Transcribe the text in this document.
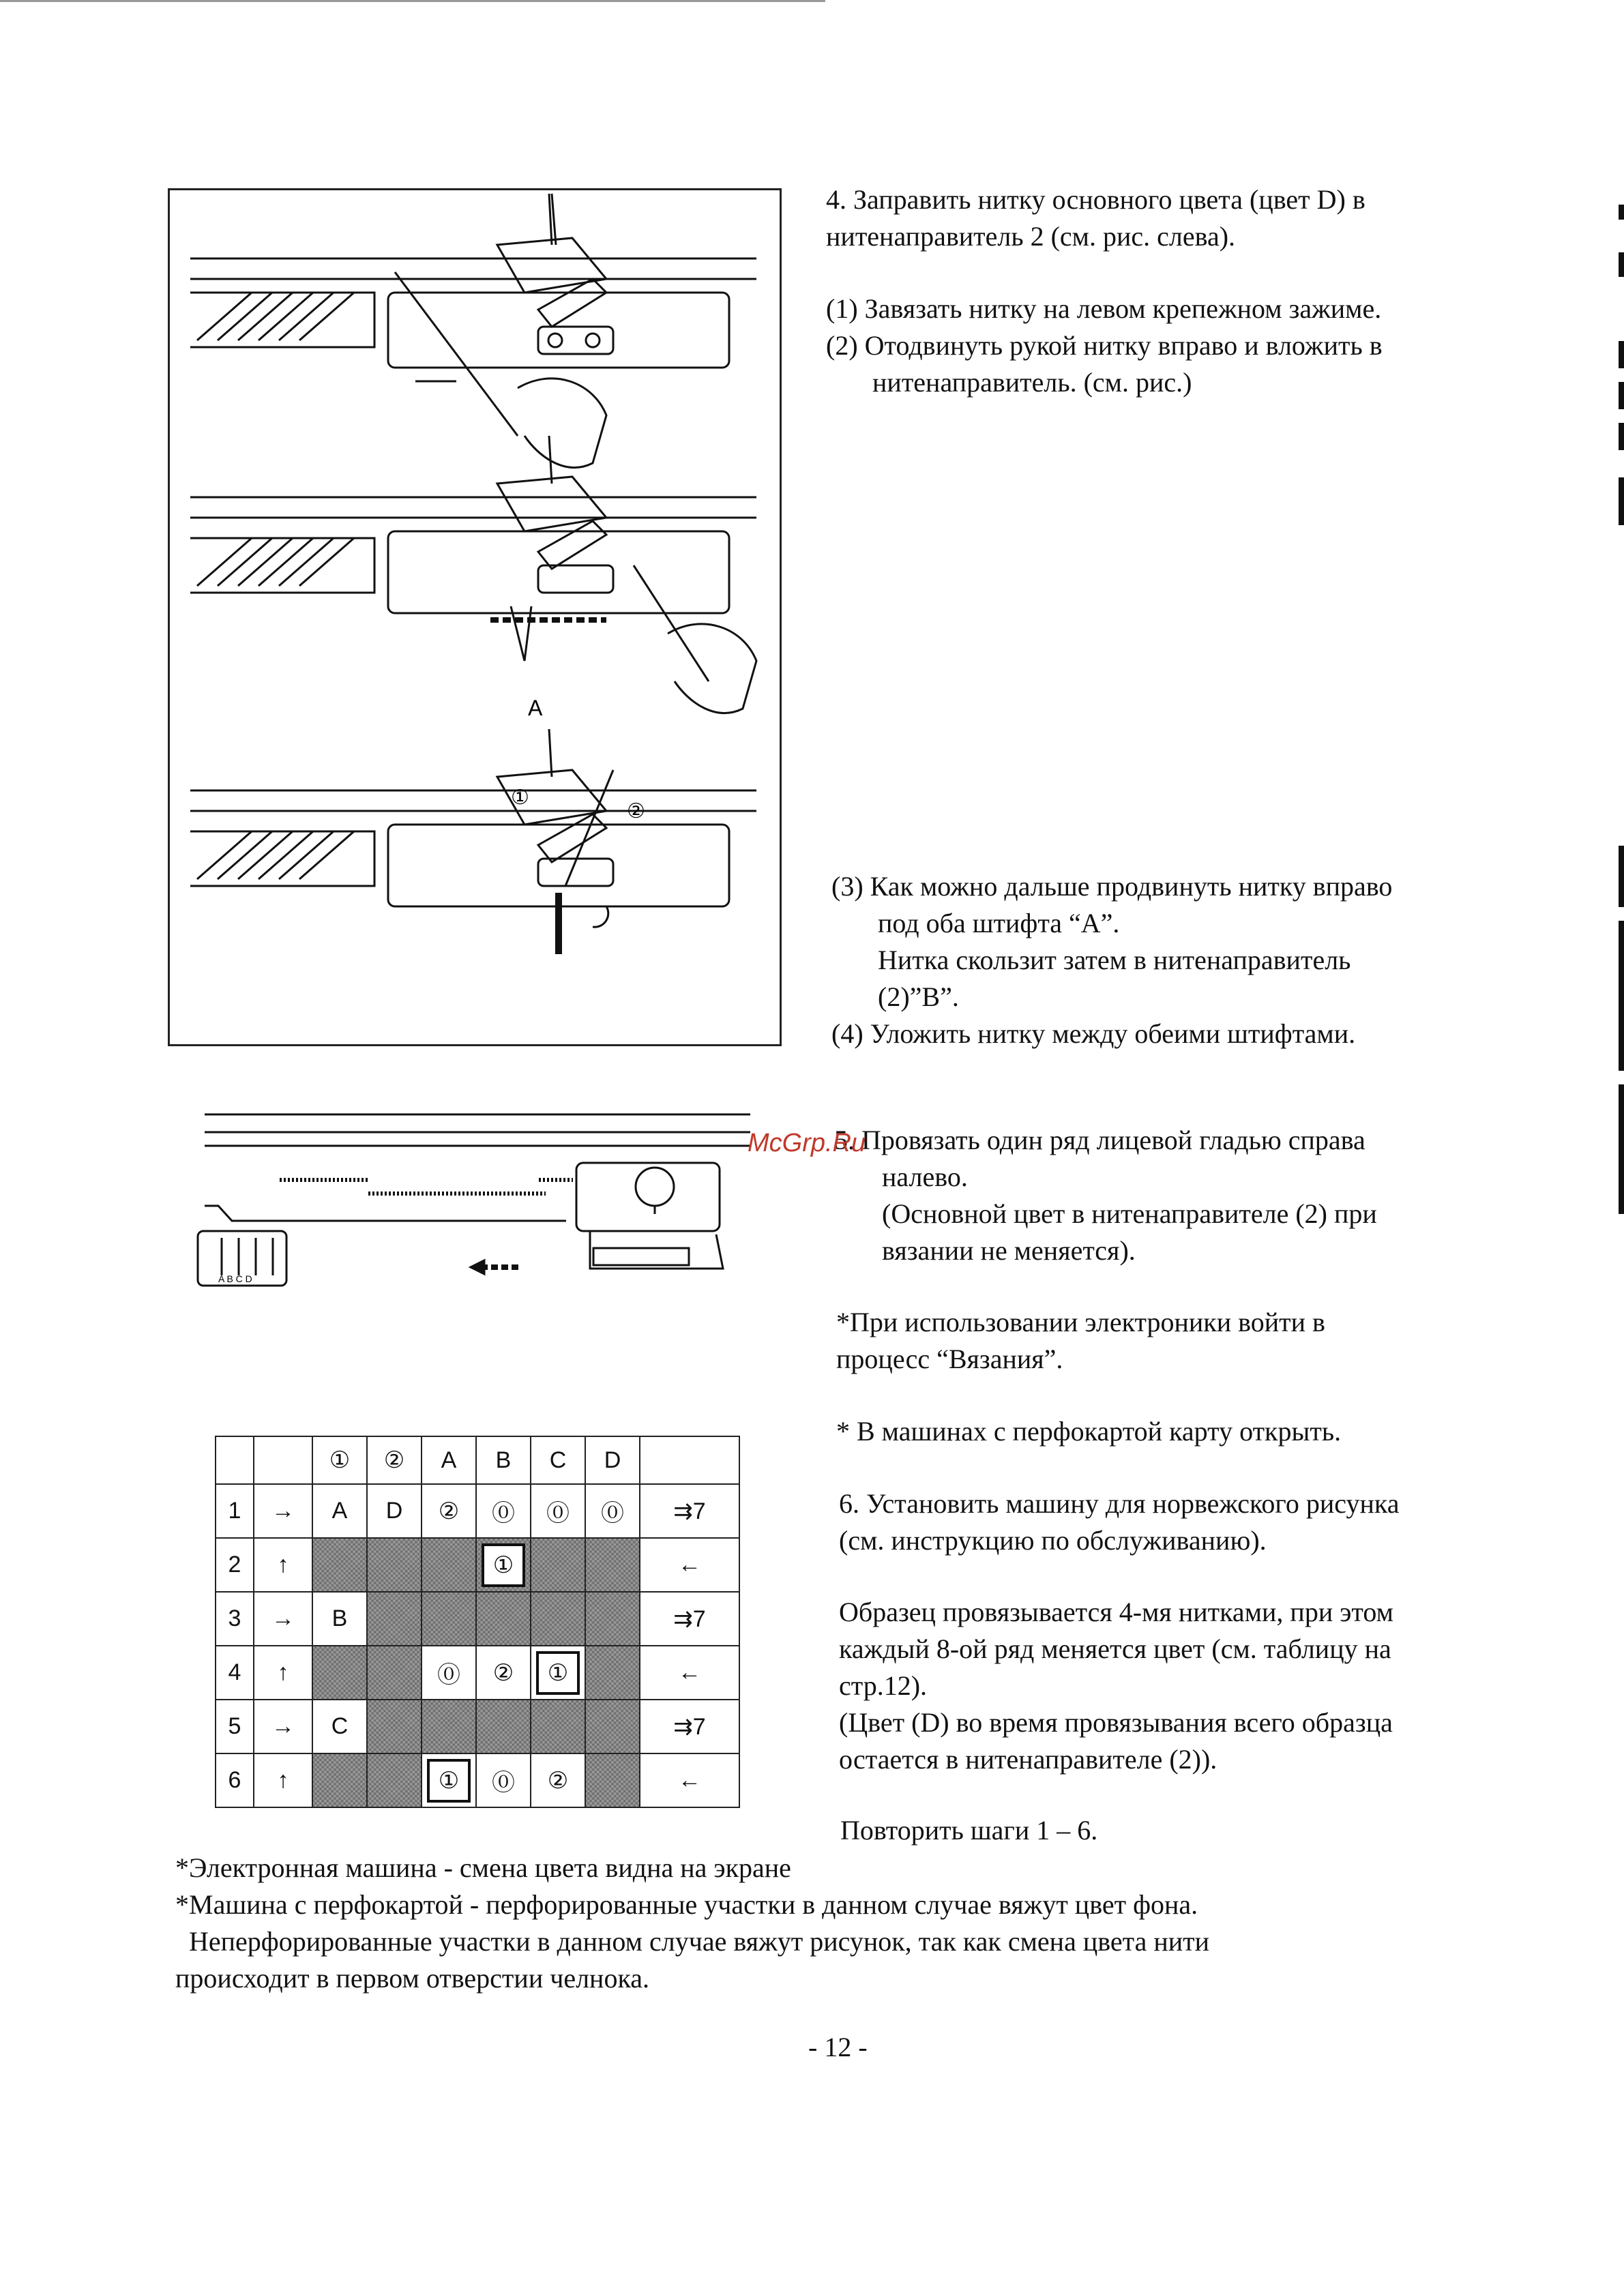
A
①
②
A B C D
4. Заправить нитку основного цвета (цвет D) в
нитенаправитель 2 (см. рис. слева).
(1) Завязать нитку на левом крепежном зажиме.
(2) Отодвинуть рукой нитку вправо и вложить в
нитенаправитель. (см. рис.)
(3) Как можно дальше продвинуть нитку вправо
под оба штифта “A”.
Нитка скользит затем в нитенаправитель
(2)”B”.
(4) Уложить нитку между обеими штифтами.
5. Провязать один ряд лицевой гладью справа
налево.
(Основной цвет в нитенаправителе (2) при
вязании не меняется).
McGrp.Ru
*При использовании электроники войти в
процесс “Вязания”.
* В машинах с перфокартой карту открыть.
6. Установить машину для норвежского рисунка
(см. инструкцию по обслуживанию).
Образец провязывается 4-мя нитками, при этом
каждый 8-ой ряд меняется цвет (см. таблицу на
стр.12).
(Цвет (D) во время провязывания всего образца
остается в нитенаправителе (2)).
Повторить шаги 1 – 6.
		①	②	A	B	C	D	
1	→	A	D	②	⓪	⓪	⓪	⇉7
2	↑				①			←
3	→	B						⇉7
4	↑			⓪	②	①		←
5	→	C						⇉7
6	↑			①	⓪	②		←
*Электронная машина - смена цвета видна на экране
*Машина с перфокартой - перфорированные участки в данном случае вяжут цвет фона.
Неперфорированные участки в данном случае вяжут рисунок, так как смена цвета нити
происходит в первом отверстии челнока.
- 12 -
